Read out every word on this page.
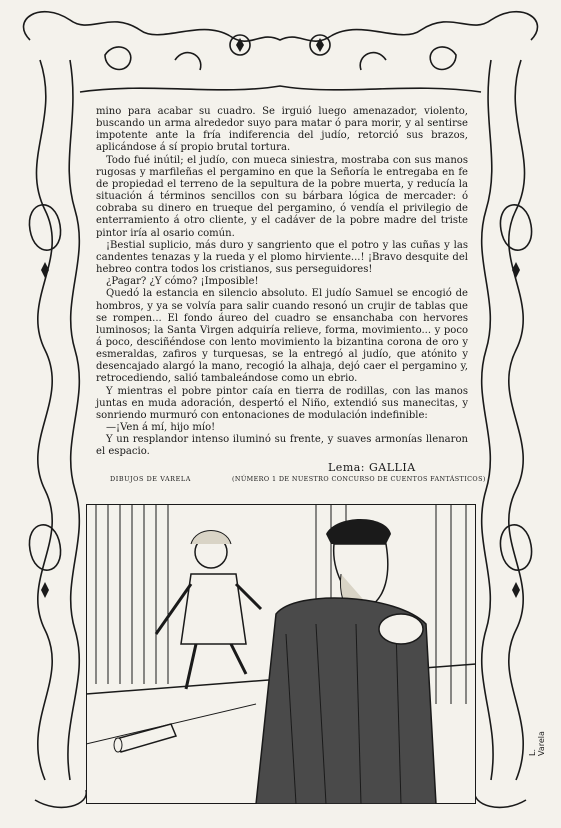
mino para acabar su cuadro. Se irguió luego amenazador, violento, buscando un arma alrededor suyo para matar ó para morir, y al sentirse impotente ante la fría indiferencia del judío, retorció sus brazos, aplicándose á sí propio brutal tortura.

Todo fué inútil; el judío, con mueca siniestra, mostraba con sus manos rugosas y marfileñas el pergamino en que la Señoría le entregaba en fe de propiedad el terreno de la sepultura de la pobre muerta, y reducía la situación á términos sencillos con su bárbara lógica de mercader: ó cobraba su dinero en trueque del pergamino, ó vendía el privilegio de enterramiento á otro cliente, y el cadáver de la pobre madre del triste pintor iría al osario común.

¡Bestial suplicio, más duro y sangriento que el potro y las cuñas y las candentes tenazas y la rueda y el plomo hirviente...! ¡Bravo desquite del hebreo contra todos los cristianos, sus perseguidores!

¿Pagar? ¿Y cómo? ¡Imposible!

Quedó la estancia en silencio absoluto. El judío Samuel se encogió de hombros, y ya se volvía para salir cuando resonó un crujir de tablas que se rompen... El fondo áureo del cuadro se ensanchaba con hervores luminosos; la Santa Virgen adquiría relieve, forma, movimiento... y poco á poco, desciñéndose con lento movimiento la bizantina corona de oro y esmeraldas, zafiros y turquesas, se la entregó al judío, que atónito y desencajado alargó la mano, recogió la alhaja, dejó caer el pergamino y, retrocediendo, salió tambaleándose como un ebrio.

Y mientras el pobre pintor caía en tierra de rodillas, con las manos juntas en muda adoración, despertó el Niño, extendió sus manecitas, y sonriendo murmuró con entonaciones de modulación indefinible:

—¡Ven á mí, hijo mío!

Y un resplandor intenso iluminó su frente, y suaves armonías llenaron el espacio.

Lema: GALLIA
DIBUJOS DE VARELA	(NÚMERO 1 DE NUESTRO CONCURSO DE CUENTOS FANTÁSTICOS)
L. Varela
